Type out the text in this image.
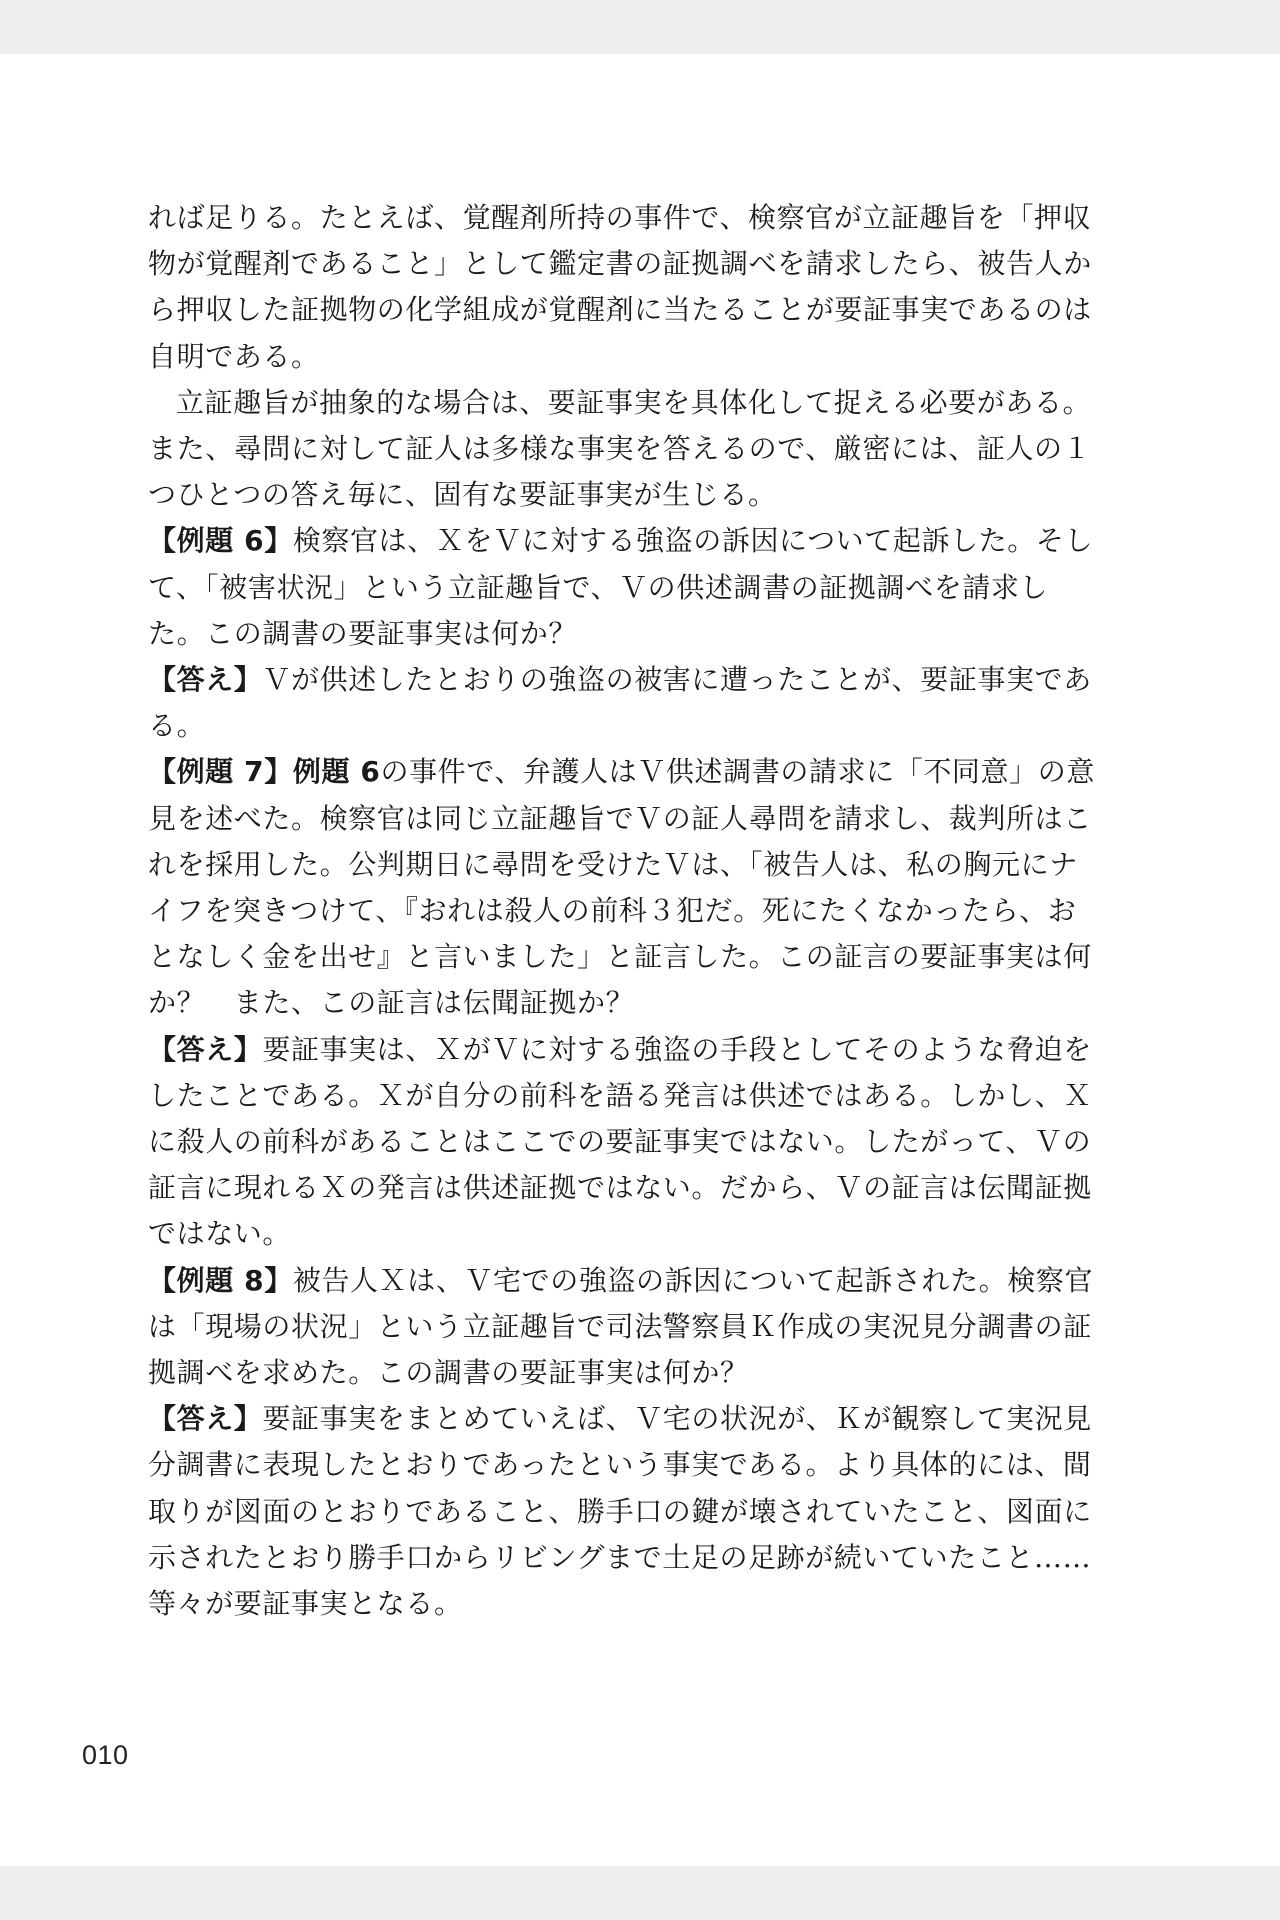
れば足りる。たとえば、覚醒剤所持の事件で、検察官が立証趣旨を「押収物が覚醒剤であること」として鑑定書の証拠調べを請求したら、被告人から押収した証拠物の化学組成が覚醒剤に当たることが要証事実であるのは自明である。

立証趣旨が抽象的な場合は、要証事実を具体化して捉える必要がある。また、尋問に対して証人は多様な事実を答えるので、厳密には、証人の１つひとつの答え毎に、固有な要証事実が生じる。

【例題 6】検察官は、ＸをＶに対する強盗の訴因について起訴した。そして、「被害状況」という立証趣旨で、Ｖの供述調書の証拠調べを請求した。この調書の要証事実は何か？

【答え】Ｖが供述したとおりの強盗の被害に遭ったことが、要証事実である。

【例題 7】例題 6の事件で、弁護人はＶ供述調書の請求に「不同意」の意見を述べた。検察官は同じ立証趣旨でＶの証人尋問を請求し、裁判所はこれを採用した。公判期日に尋問を受けたＶは、「被告人は、私の胸元にナイフを突きつけて、『おれは殺人の前科３犯だ。死にたくなかったら、おとなしく金を出せ』と言いました」と証言した。この証言の要証事実は何か？　また、この証言は伝聞証拠か？

【答え】要証事実は、ＸがＶに対する強盗の手段としてそのような脅迫をしたことである。Ｘが自分の前科を語る発言は供述ではある。しかし、Ｘに殺人の前科があることはここでの要証事実ではない。したがって、Ｖの証言に現れるＸの発言は供述証拠ではない。だから、Ｖの証言は伝聞証拠ではない。

【例題 8】被告人Ｘは、Ｖ宅での強盗の訴因について起訴された。検察官は「現場の状況」という立証趣旨で司法警察員Ｋ作成の実況見分調書の証拠調べを求めた。この調書の要証事実は何か？

【答え】要証事実をまとめていえば、Ｖ宅の状況が、Ｋが観察して実況見分調書に表現したとおりであったという事実である。より具体的には、間取りが図面のとおりであること、勝手口の鍵が壊されていたこと、図面に示されたとおり勝手口からリビングまで土足の足跡が続いていたこと……等々が要証事実となる。

010
